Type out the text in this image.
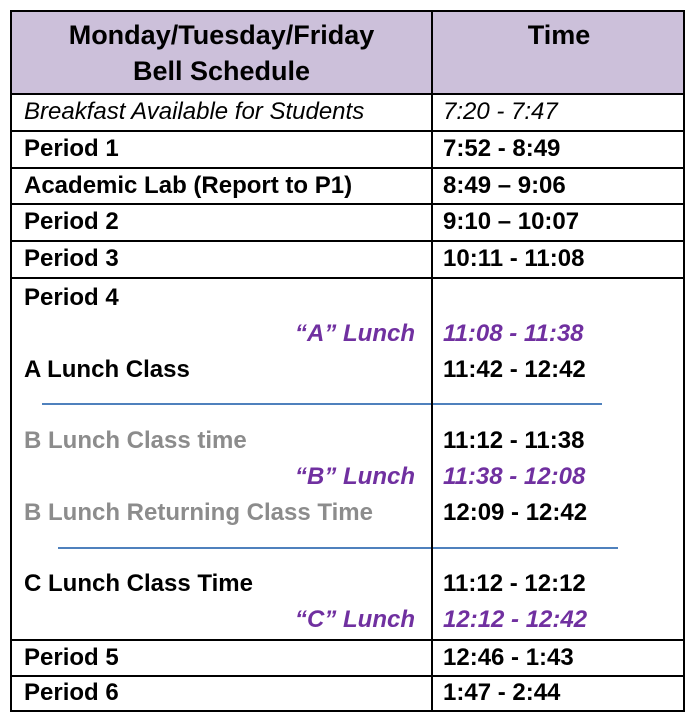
Monday/Tuesday/Friday
Bell Schedule
Time
Breakfast Available for Students	7:20 - 7:47
Period 1	7:52 - 8:49
Academic Lab (Report to P1)	8:49 – 9:06
Period 2	9:10 – 10:07
Period 3	10:11 - 11:08
Period 4
“A” Lunch 11:08 - 11:38
A Lunch Class	11:42 - 12:42
B Lunch Class time	11:12 - 11:38
“B” Lunch 11:38 - 12:08
B Lunch Returning Class Time	12:09 - 12:42
C Lunch Class Time	11:12 - 12:12
“C” Lunch 12:12 - 12:42
Period 5	12:46 - 1:43
Period 6	1:47 - 2:44
